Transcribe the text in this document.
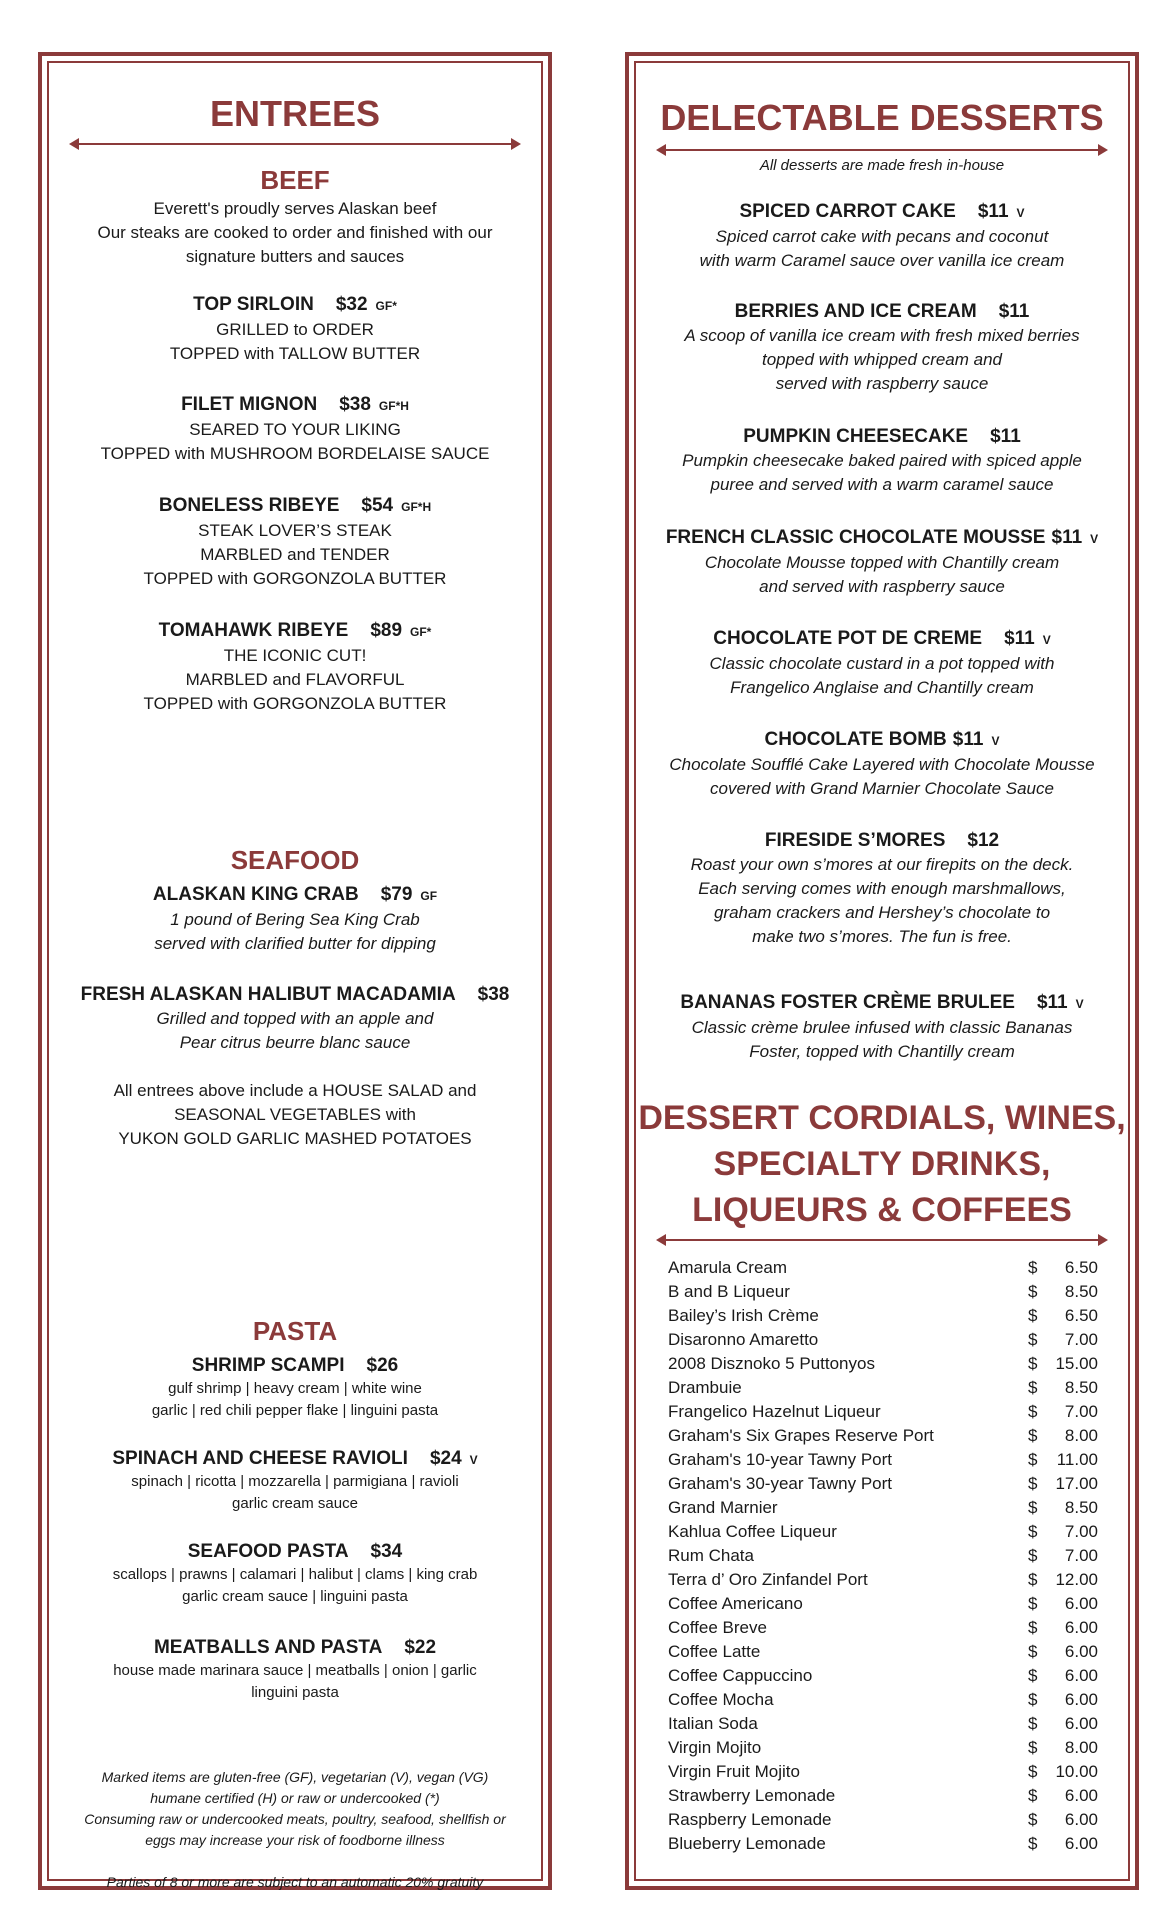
ENTREES
BEEF
Everett's proudly serves Alaskan beef
Our steaks are cooked to order and finished with our
signature butters and sauces
TOP SIRLOIN $32 GF*
GRILLED to ORDER
TOPPED with TALLOW BUTTER
FILET MIGNON $38 GF*H
SEARED TO YOUR LIKING
TOPPED with MUSHROOM BORDELAISE SAUCE
BONELESS RIBEYE $54 GF*H
STEAK LOVER’S STEAK
MARBLED and TENDER
TOPPED with GORGONZOLA BUTTER
TOMAHAWK RIBEYE $89 GF*
THE ICONIC CUT!
MARBLED and FLAVORFUL
TOPPED with GORGONZOLA BUTTER
SEAFOOD
ALASKAN KING CRAB $79 GF
1 pound of Bering Sea King Crab
served with clarified butter for dipping
FRESH ALASKAN HALIBUT MACADAMIA $38
Grilled and topped with an apple and
Pear citrus beurre blanc sauce
All entrees above include a HOUSE SALAD and
SEASONAL VEGETABLES with
YUKON GOLD GARLIC MASHED POTATOES
PASTA
SHRIMP SCAMPI $26
gulf shrimp | heavy cream | white wine
garlic | red chili pepper flake | linguini pasta
SPINACH AND CHEESE RAVIOLI $24 V
spinach | ricotta | mozzarella | parmigiana | ravioli
garlic cream sauce
SEAFOOD PASTA $34
scallops | prawns | calamari | halibut | clams | king crab
garlic cream sauce | linguini pasta
MEATBALLS AND PASTA $22
house made marinara sauce | meatballs | onion | garlic
linguini pasta
Marked items are gluten-free (GF), vegetarian (V), vegan (VG)
humane certified (H) or raw or undercooked (*)
Consuming raw or undercooked meats, poultry, seafood, shellfish or
eggs may increase your risk of foodborne illness
Parties of 8 or more are subject to an automatic 20% gratuity
DELECTABLE DESSERTS
All desserts are made fresh in-house
SPICED CARROT CAKE $11 V
Spiced carrot cake with pecans and coconut
with warm Caramel sauce over vanilla ice cream
BERRIES AND ICE CREAM $11
A scoop of vanilla ice cream with fresh mixed berries
topped with whipped cream and
served with raspberry sauce
PUMPKIN CHEESECAKE $11
Pumpkin cheesecake baked paired with spiced apple
puree and served with a warm caramel sauce
FRENCH CLASSIC CHOCOLATE MOUSSE $11 V
Chocolate Mousse topped with Chantilly cream
and served with raspberry sauce
CHOCOLATE POT DE CREME $11 V
Classic chocolate custard in a pot topped with
Frangelico Anglaise and Chantilly cream
CHOCOLATE BOMB $11 V
Chocolate Soufflé Cake Layered with Chocolate Mousse
covered with Grand Marnier Chocolate Sauce
FIRESIDE S’MORES $12
Roast your own s’mores at our firepits on the deck.
Each serving comes with enough marshmallows,
graham crackers and Hershey’s chocolate to
make two s’mores. The fun is free.
BANANAS FOSTER CRÈME BRULEE $11 V
Classic crème brulee infused with classic Bananas
Foster, topped with Chantilly cream
DESSERT CORDIALS, WINES,
SPECIALTY DRINKS,
LIQUEURS & COFFEES
Amarula Cream	$	6.50
B and B Liqueur	$	8.50
Bailey’s Irish Crème	$	6.50
Disaronno Amaretto	$	7.00
2008 Disznoko 5 Puttonyos	$	15.00
Drambuie	$	8.50
Frangelico Hazelnut Liqueur	$	7.00
Graham's Six Grapes Reserve Port	$	8.00
Graham's 10-year Tawny Port	$	11.00
Graham's 30-year Tawny Port	$	17.00
Grand Marnier	$	8.50
Kahlua Coffee Liqueur	$	7.00
Rum Chata	$	7.00
Terra d’ Oro Zinfandel Port	$	12.00
Coffee Americano	$	6.00
Coffee Breve	$	6.00
Coffee Latte	$	6.00
Coffee Cappuccino	$	6.00
Coffee Mocha	$	6.00
Italian Soda	$	6.00
Virgin Mojito	$	8.00
Virgin Fruit Mojito	$	10.00
Strawberry Lemonade	$	6.00
Raspberry Lemonade	$	6.00
Blueberry Lemonade	$	6.00
